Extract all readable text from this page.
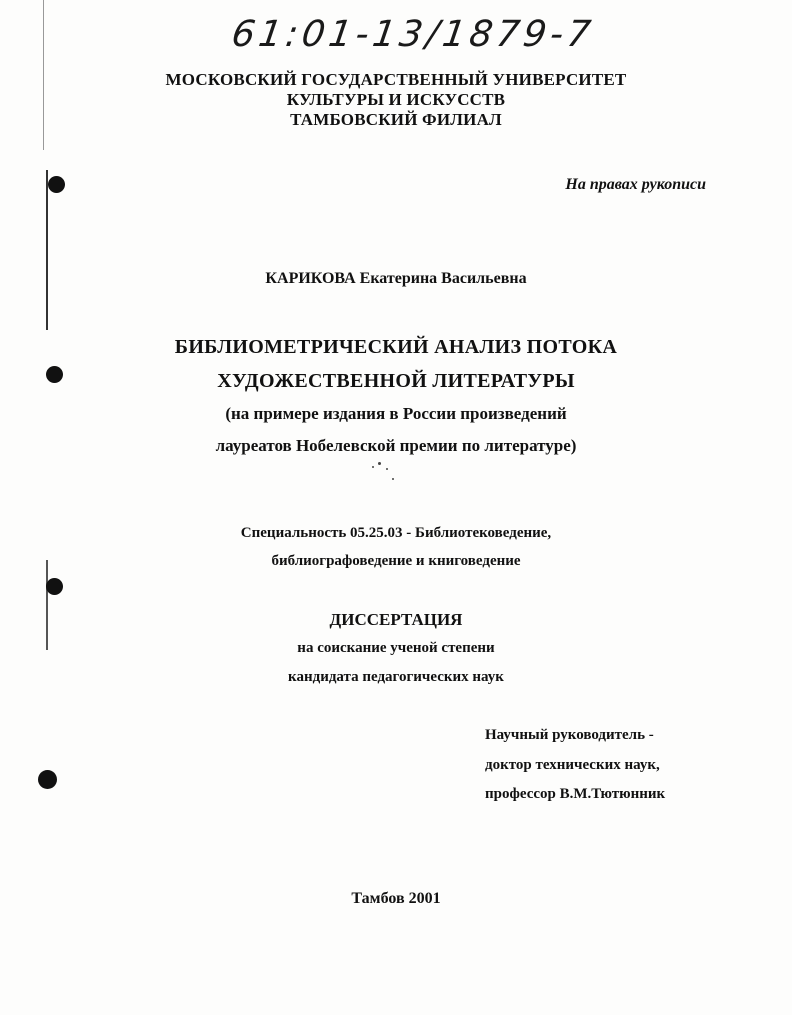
61:01-13/1879-7
МОСКОВСКИЙ ГОСУДАРСТВЕННЫЙ УНИВЕРСИТЕТ
КУЛЬТУРЫ И ИСКУССТВ
ТАМБОВСКИЙ ФИЛИАЛ
На правах рукописи
КАРИКОВА Екатерина Васильевна
БИБЛИОМЕТРИЧЕСКИЙ АНАЛИЗ ПОТОКА
ХУДОЖЕСТВЕННОЙ ЛИТЕРАТУРЫ
(на примере издания в России произведений
лауреатов Нобелевской премии по литературе)
Специальность 05.25.03 - Библиотековедение,
библиографоведение и книговедение
ДИССЕРТАЦИЯ
на соискание ученой степени
кандидата педагогических наук
Научный руководитель -
доктор технических наук,
профессор В.М.Тютюнник
Тамбов 2001
